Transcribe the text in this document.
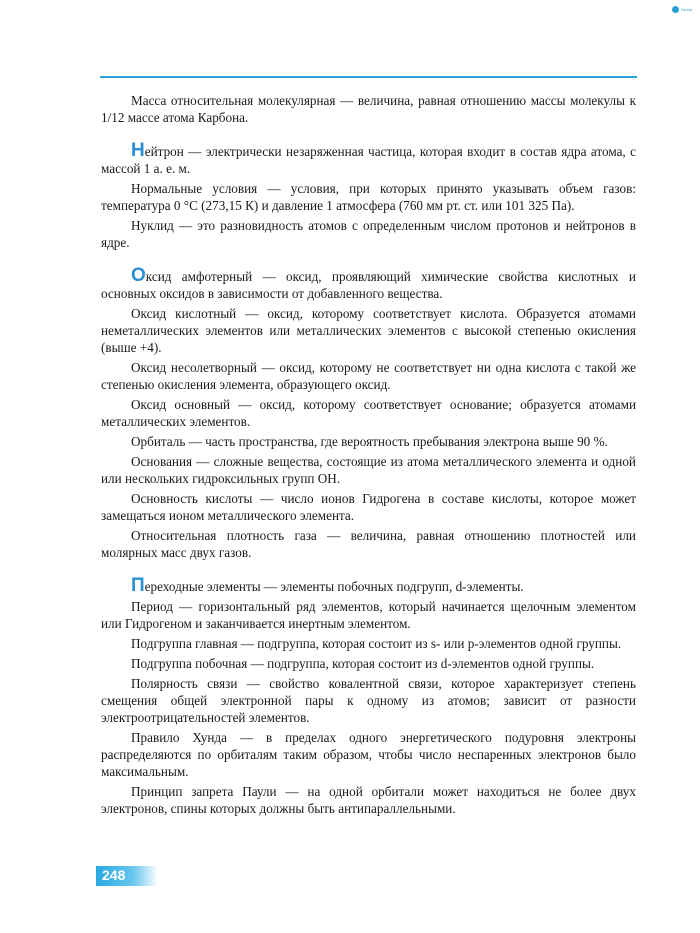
Yanda

Масса относительная молекулярная — величина, равная отношению массы молекулы к 1/12 массе атома Карбона.

Нейтрон — электрически незаряженная частица, которая входит в состав ядра атома, с массой 1 а. е. м.

Нормальные условия — условия, при которых принято указывать объем газов: температура 0 °С (273,15 К) и давление 1 атмосфера (760 мм рт. ст. или 101 325 Па).

Нуклид — это разновидность атомов с определенным числом протонов и нейтронов в ядре.

Оксид амфотерный — оксид, проявляющий химические свойства кислотных и основных оксидов в зависимости от добавленного вещества.

Оксид кислотный — оксид, которому соответствует кислота. Образуется атомами неметаллических элементов или металлических элементов с высокой степенью окисления (выше +4).

Оксид несолетворный — оксид, которому не соответствует ни одна кислота с такой же степенью окисления элемента, образующего оксид.

Оксид основный — оксид, которому соответствует основание; образуется атомами металлических элементов.

Орбиталь — часть пространства, где вероятность пребывания электрона выше 90 %.

Основания — сложные вещества, состоящие из атома металлического элемента и одной или нескольких гидроксильных групп ОН.

Основность кислоты — число ионов Гидрогена в составе кислоты, которое может замещаться ионом металлического элемента.

Относительная плотность газа — величина, равная отношению плотностей или молярных масс двух газов.

Переходные элементы — элементы побочных подгрупп, d-элементы.

Период — горизонтальный ряд элементов, который начинается щелочным элементом или Гидрогеном и заканчивается инертным элементом.

Подгруппа главная — подгруппа, которая состоит из s- или p-элементов одной группы.

Подгруппа побочная — подгруппа, которая состоит из d-элементов одной группы.

Полярность связи — свойство ковалентной связи, которое характеризует степень смещения общей электронной пары к одному из атомов; зависит от разности электроотрицательностей элементов.

Правило Хунда — в пределах одного энергетического подуровня электроны распределяются по орбиталям таким образом, чтобы число неспаренных электронов было максимальным.

Принцип запрета Паули — на одной орбитали может находиться не более двух электронов, спины которых должны быть антипараллельными.

248
